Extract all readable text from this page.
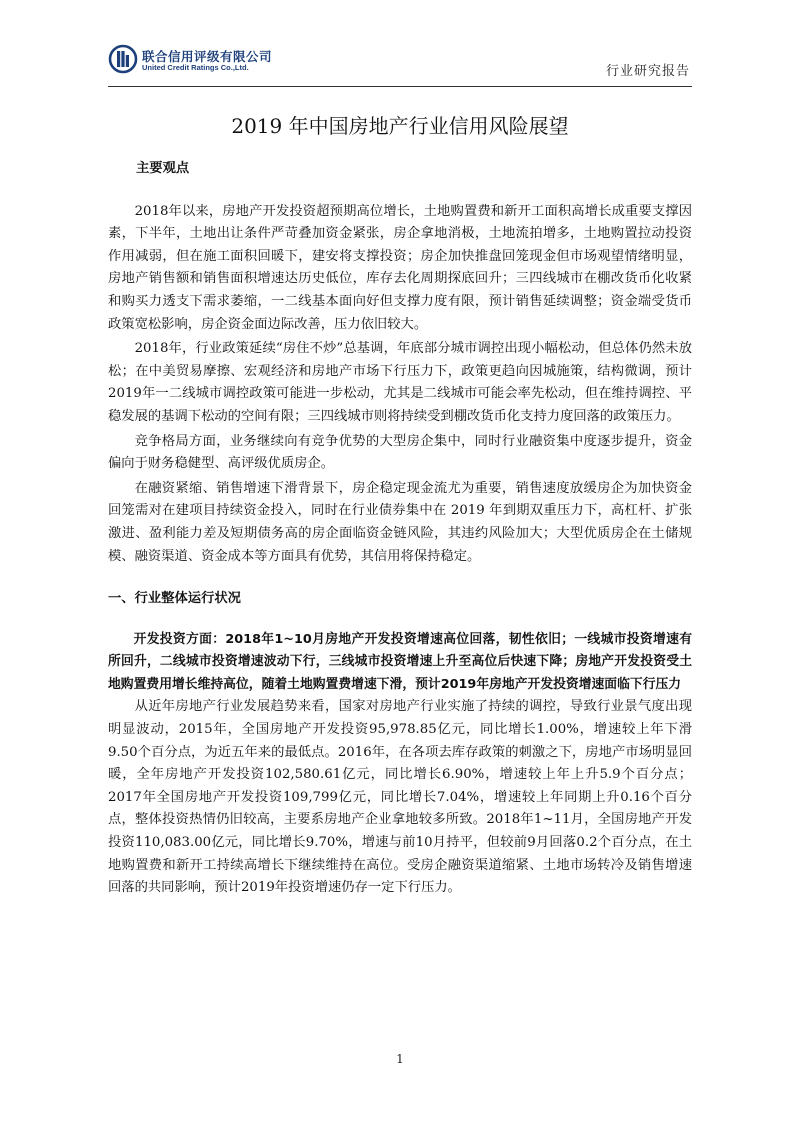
联合信用评级有限公司
United Credit Ratings Co.,Ltd.	行业研究报告
2019 年中国房地产行业信用风险展望

主要观点

2018年以来，房地产开发投资超预期高位增长，土地购置费和新开工面积高增长成重要支撑因素，下半年，土地出让条件严苛叠加资金紧张，房企拿地消极，土地流拍增多，土地购置拉动投资作用减弱，但在施工面积回暖下，建安将支撑投资；房企加快推盘回笼现金但市场观望情绪明显，房地产销售额和销售面积增速达历史低位，库存去化周期探底回升；三四线城市在棚改货币化收紧和购买力透支下需求萎缩，一二线基本面向好但支撑力度有限，预计销售延续调整；资金端受货币政策宽松影响，房企资金面边际改善，压力依旧较大。

2018年，行业政策延续“房住不炒”总基调，年底部分城市调控出现小幅松动，但总体仍然未放松；在中美贸易摩擦、宏观经济和房地产市场下行压力下，政策更趋向因城施策，结构微调，预计2019年一二线城市调控政策可能进一步松动，尤其是二线城市可能会率先松动，但在维持调控、平稳发展的基调下松动的空间有限；三四线城市则将持续受到棚改货币化支持力度回落的政策压力。

竞争格局方面，业务继续向有竞争优势的大型房企集中，同时行业融资集中度逐步提升，资金偏向于财务稳健型、高评级优质房企。

在融资紧缩、销售增速下滑背景下，房企稳定现金流尤为重要，销售速度放缓房企为加快资金回笼需对在建项目持续资金投入，同时在行业债券集中在 2019 年到期双重压力下，高杠杆、扩张激进、盈利能力差及短期债务高的房企面临资金链风险，其违约风险加大；大型优质房企在土储规模、融资渠道、资金成本等方面具有优势，其信用将保持稳定。

一、行业整体运行状况

开发投资方面：2018年1~10月房地产开发投资增速高位回落，韧性依旧；一线城市投资增速有所回升，二线城市投资增速波动下行，三线城市投资增速上升至高位后快速下降；房地产开发投资受土地购置费用增长维持高位，随着土地购置费增速下滑，预计2019年房地产开发投资增速面临下行压力

从近年房地产行业发展趋势来看，国家对房地产行业实施了持续的调控，导致行业景气度出现明显波动，2015年，全国房地产开发投资95,978.85亿元，同比增长1.00%，增速较上年下滑9.50个百分点，为近五年来的最低点。2016年，在各项去库存政策的刺激之下，房地产市场明显回暖，全年房地产开发投资102,580.61亿元，同比增长6.90%，增速较上年上升5.9个百分点；2017年全国房地产开发投资109,799亿元，同比增长7.04%，增速较上年同期上升0.16个百分点，整体投资热情仍旧较高，主要系房地产企业拿地较多所致。2018年1~11月，全国房地产开发投资110,083.00亿元，同比增长9.70%，增速与前10月持平，但较前9月回落0.2个百分点，在土地购置费和新开工持续高增长下继续维持在高位。受房企融资渠道缩紧、土地市场转冷及销售增速回落的共同影响，预计2019年投资增速仍存一定下行压力。

1
